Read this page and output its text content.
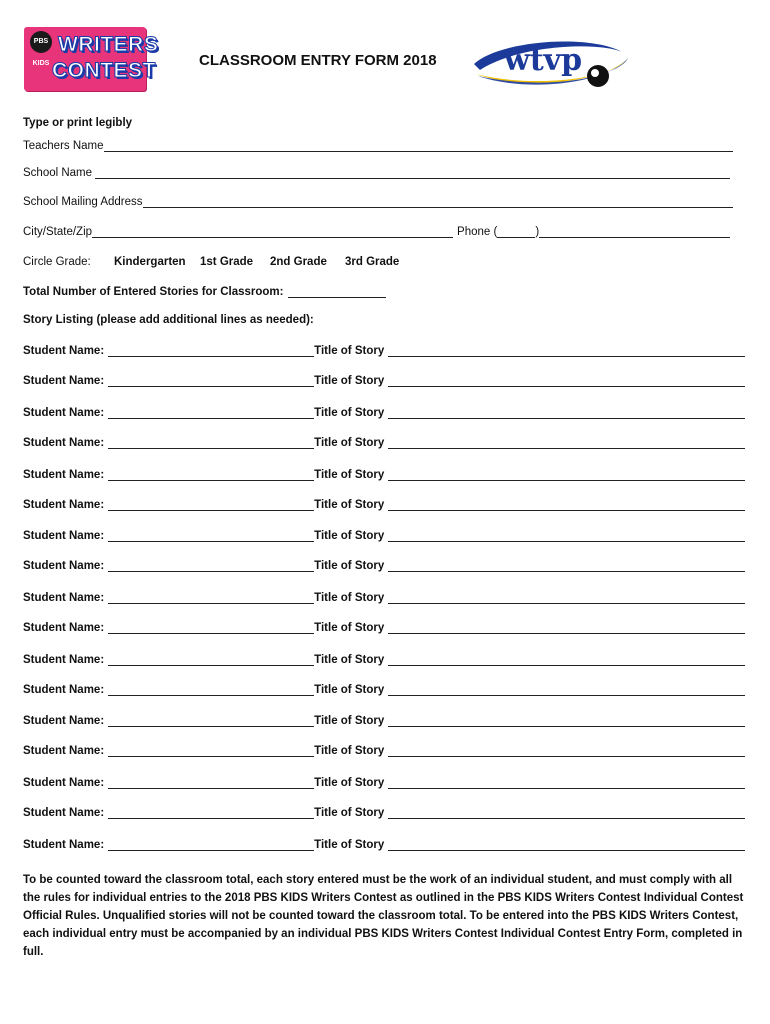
PBS KIDS
WRITERS
CONTEST	CLASSROOM ENTRY FORM 2018 wtvp
Type or print legibly
Teachers Name
School Name
School Mailing Address
City/State/Zip	Phone (	)
Circle Grade: Kindergarten 1st Grade 2nd Grade 3rd Grade
Total Number of Entered Stories for Classroom:
Story Listing (please add additional lines as needed):
Student Name:	Title of Story
Student Name:	Title of Story
Student Name:	Title of Story
Student Name:	Title of Story
Student Name:	Title of Story
Student Name:	Title of Story
Student Name:	Title of Story
Student Name:	Title of Story
Student Name:	Title of Story
Student Name:	Title of Story
Student Name:	Title of Story
Student Name:	Title of Story
Student Name:	Title of Story
Student Name:	Title of Story
Student Name:	Title of Story
Student Name:	Title of Story
Student Name:	Title of Story
To be counted toward the classroom total, each story entered must be the work of an individual student, and must comply with all the rules for individual entries to the 2018 PBS KIDS Writers Contest as outlined in the PBS KIDS Writers Contest Individual Contest Official Rules. Unqualified stories will not be counted toward the classroom total. To be entered into the PBS KIDS Writers Contest, each individual entry must be accompanied by an individual PBS KIDS Writers Contest Individual Contest Entry Form, completed in full.
